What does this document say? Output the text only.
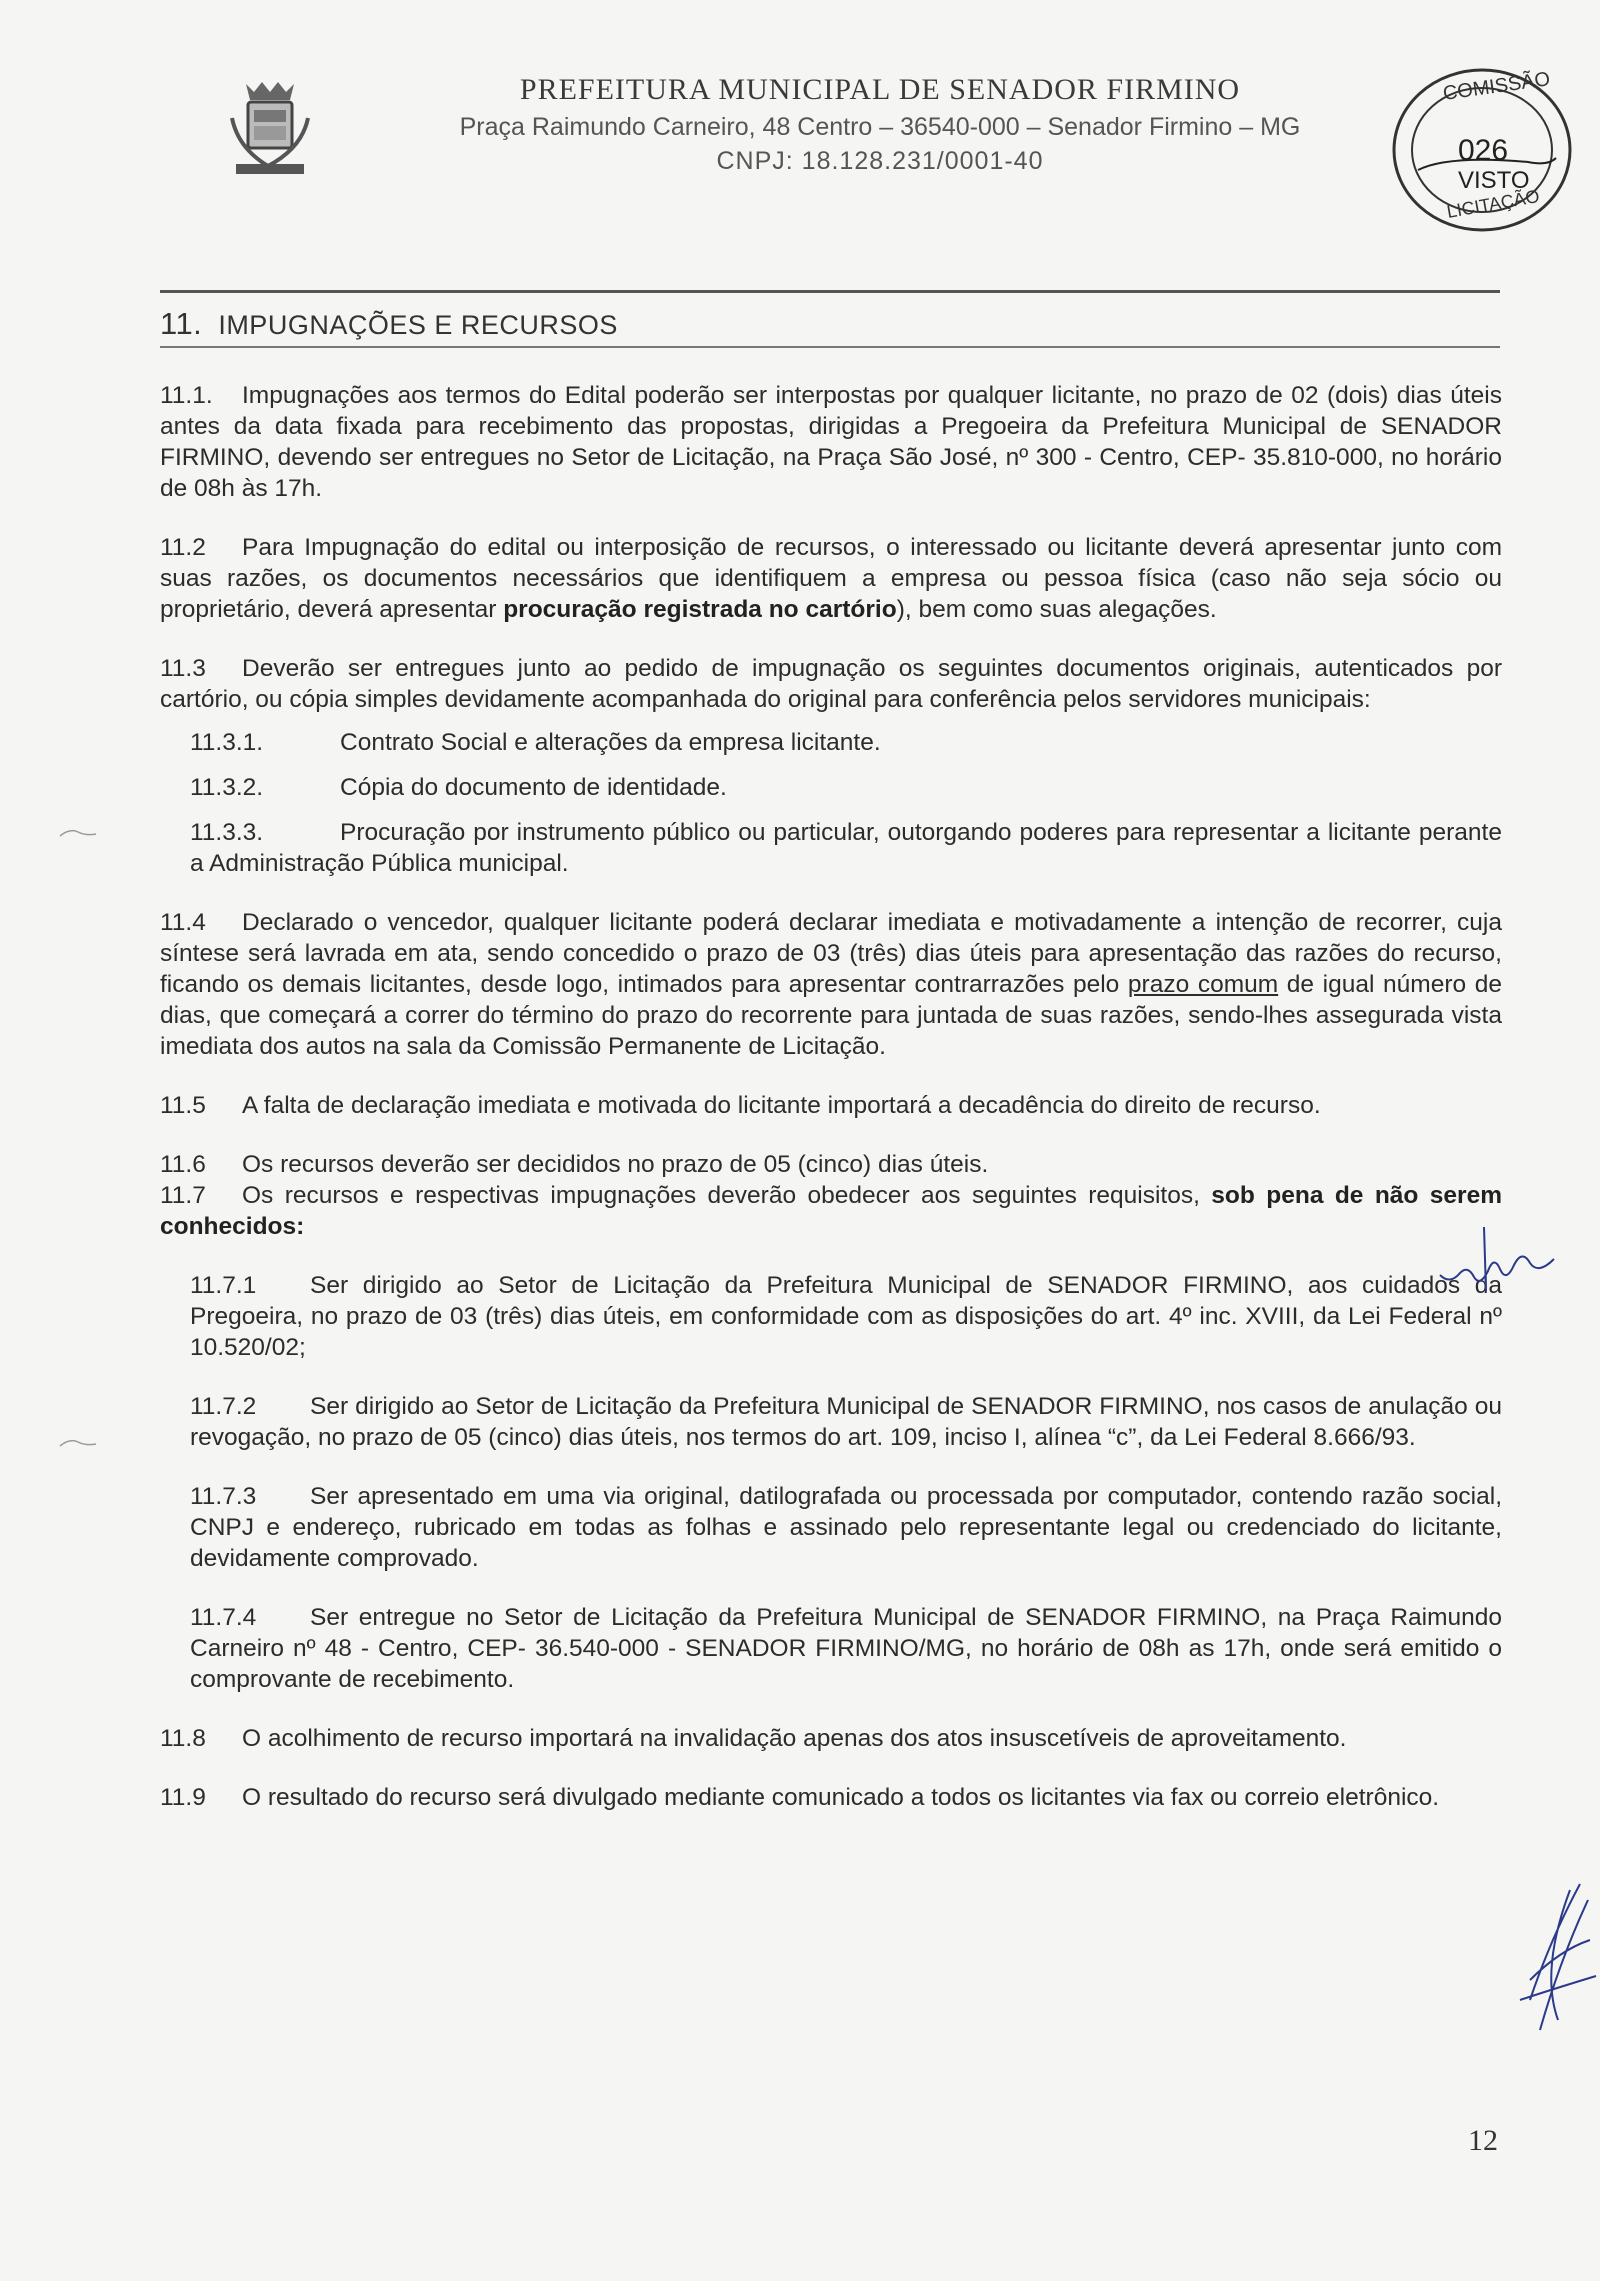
PREFEITURA MUNICIPAL DE SENADOR FIRMINO
Praça Raimundo Carneiro, 48 Centro – 36540-000 – Senador Firmino – MG
CNPJ: 18.128.231/0001-40
COMISSÃO
026
VISTO
LICITAÇÃO
11. IMPUGNAÇÕES E RECURSOS

11.1. Impugnações aos termos do Edital poderão ser interpostas por qualquer licitante, no prazo de 02 (dois) dias úteis antes da data fixada para recebimento das propostas, dirigidas a Pregoeira da Prefeitura Municipal de SENADOR FIRMINO, devendo ser entregues no Setor de Licitação, na Praça São José, nº 300 - Centro, CEP- 35.810-000, no horário de 08h às 17h.

11.2 Para Impugnação do edital ou interposição de recursos, o interessado ou licitante deverá apresentar junto com suas razões, os documentos necessários que identifiquem a empresa ou pessoa física (caso não seja sócio ou proprietário, deverá apresentar procuração registrada no cartório), bem como suas alegações.

11.3 Deverão ser entregues junto ao pedido de impugnação os seguintes documentos originais, autenticados por cartório, ou cópia simples devidamente acompanhada do original para conferência pelos servidores municipais:

11.3.1.	Contrato Social e alterações da empresa licitante.

11.3.2.	Cópia do documento de identidade.

11.3.3.	Procuração por instrumento público ou particular, outorgando poderes para representar a licitante perante a Administração Pública municipal.

11.4 Declarado o vencedor, qualquer licitante poderá declarar imediata e motivadamente a intenção de recorrer, cuja síntese será lavrada em ata, sendo concedido o prazo de 03 (três) dias úteis para apresentação das razões do recurso, ficando os demais licitantes, desde logo, intimados para apresentar contrarrazões pelo prazo comum de igual número de dias, que começará a correr do término do prazo do recorrente para juntada de suas razões, sendo-lhes assegurada vista imediata dos autos na sala da Comissão Permanente de Licitação.

11.5 A falta de declaração imediata e motivada do licitante importará a decadência do direito de recurso.

11.6 Os recursos deverão ser decididos no prazo de 05 (cinco) dias úteis.

11.7 Os recursos e respectivas impugnações deverão obedecer aos seguintes requisitos, sob pena de não serem conhecidos:

11.7.1 Ser dirigido ao Setor de Licitação da Prefeitura Municipal de SENADOR FIRMINO, aos cuidados da Pregoeira, no prazo de 03 (três) dias úteis, em conformidade com as disposições do art. 4º inc. XVIII, da Lei Federal nº 10.520/02;

11.7.2 Ser dirigido ao Setor de Licitação da Prefeitura Municipal de SENADOR FIRMINO, nos casos de anulação ou revogação, no prazo de 05 (cinco) dias úteis, nos termos do art. 109, inciso I, alínea “c”, da Lei Federal 8.666/93.

11.7.3 Ser apresentado em uma via original, datilografada ou processada por computador, contendo razão social, CNPJ e endereço, rubricado em todas as folhas e assinado pelo representante legal ou credenciado do licitante, devidamente comprovado.

11.7.4 Ser entregue no Setor de Licitação da Prefeitura Municipal de SENADOR FIRMINO, na Praça Raimundo Carneiro nº 48 - Centro, CEP- 36.540-000 - SENADOR FIRMINO/MG, no horário de 08h as 17h, onde será emitido o comprovante de recebimento.

11.8 O acolhimento de recurso importará na invalidação apenas dos atos insuscetíveis de aproveitamento.

11.9 O resultado do recurso será divulgado mediante comunicado a todos os licitantes via fax ou correio eletrônico.

12
